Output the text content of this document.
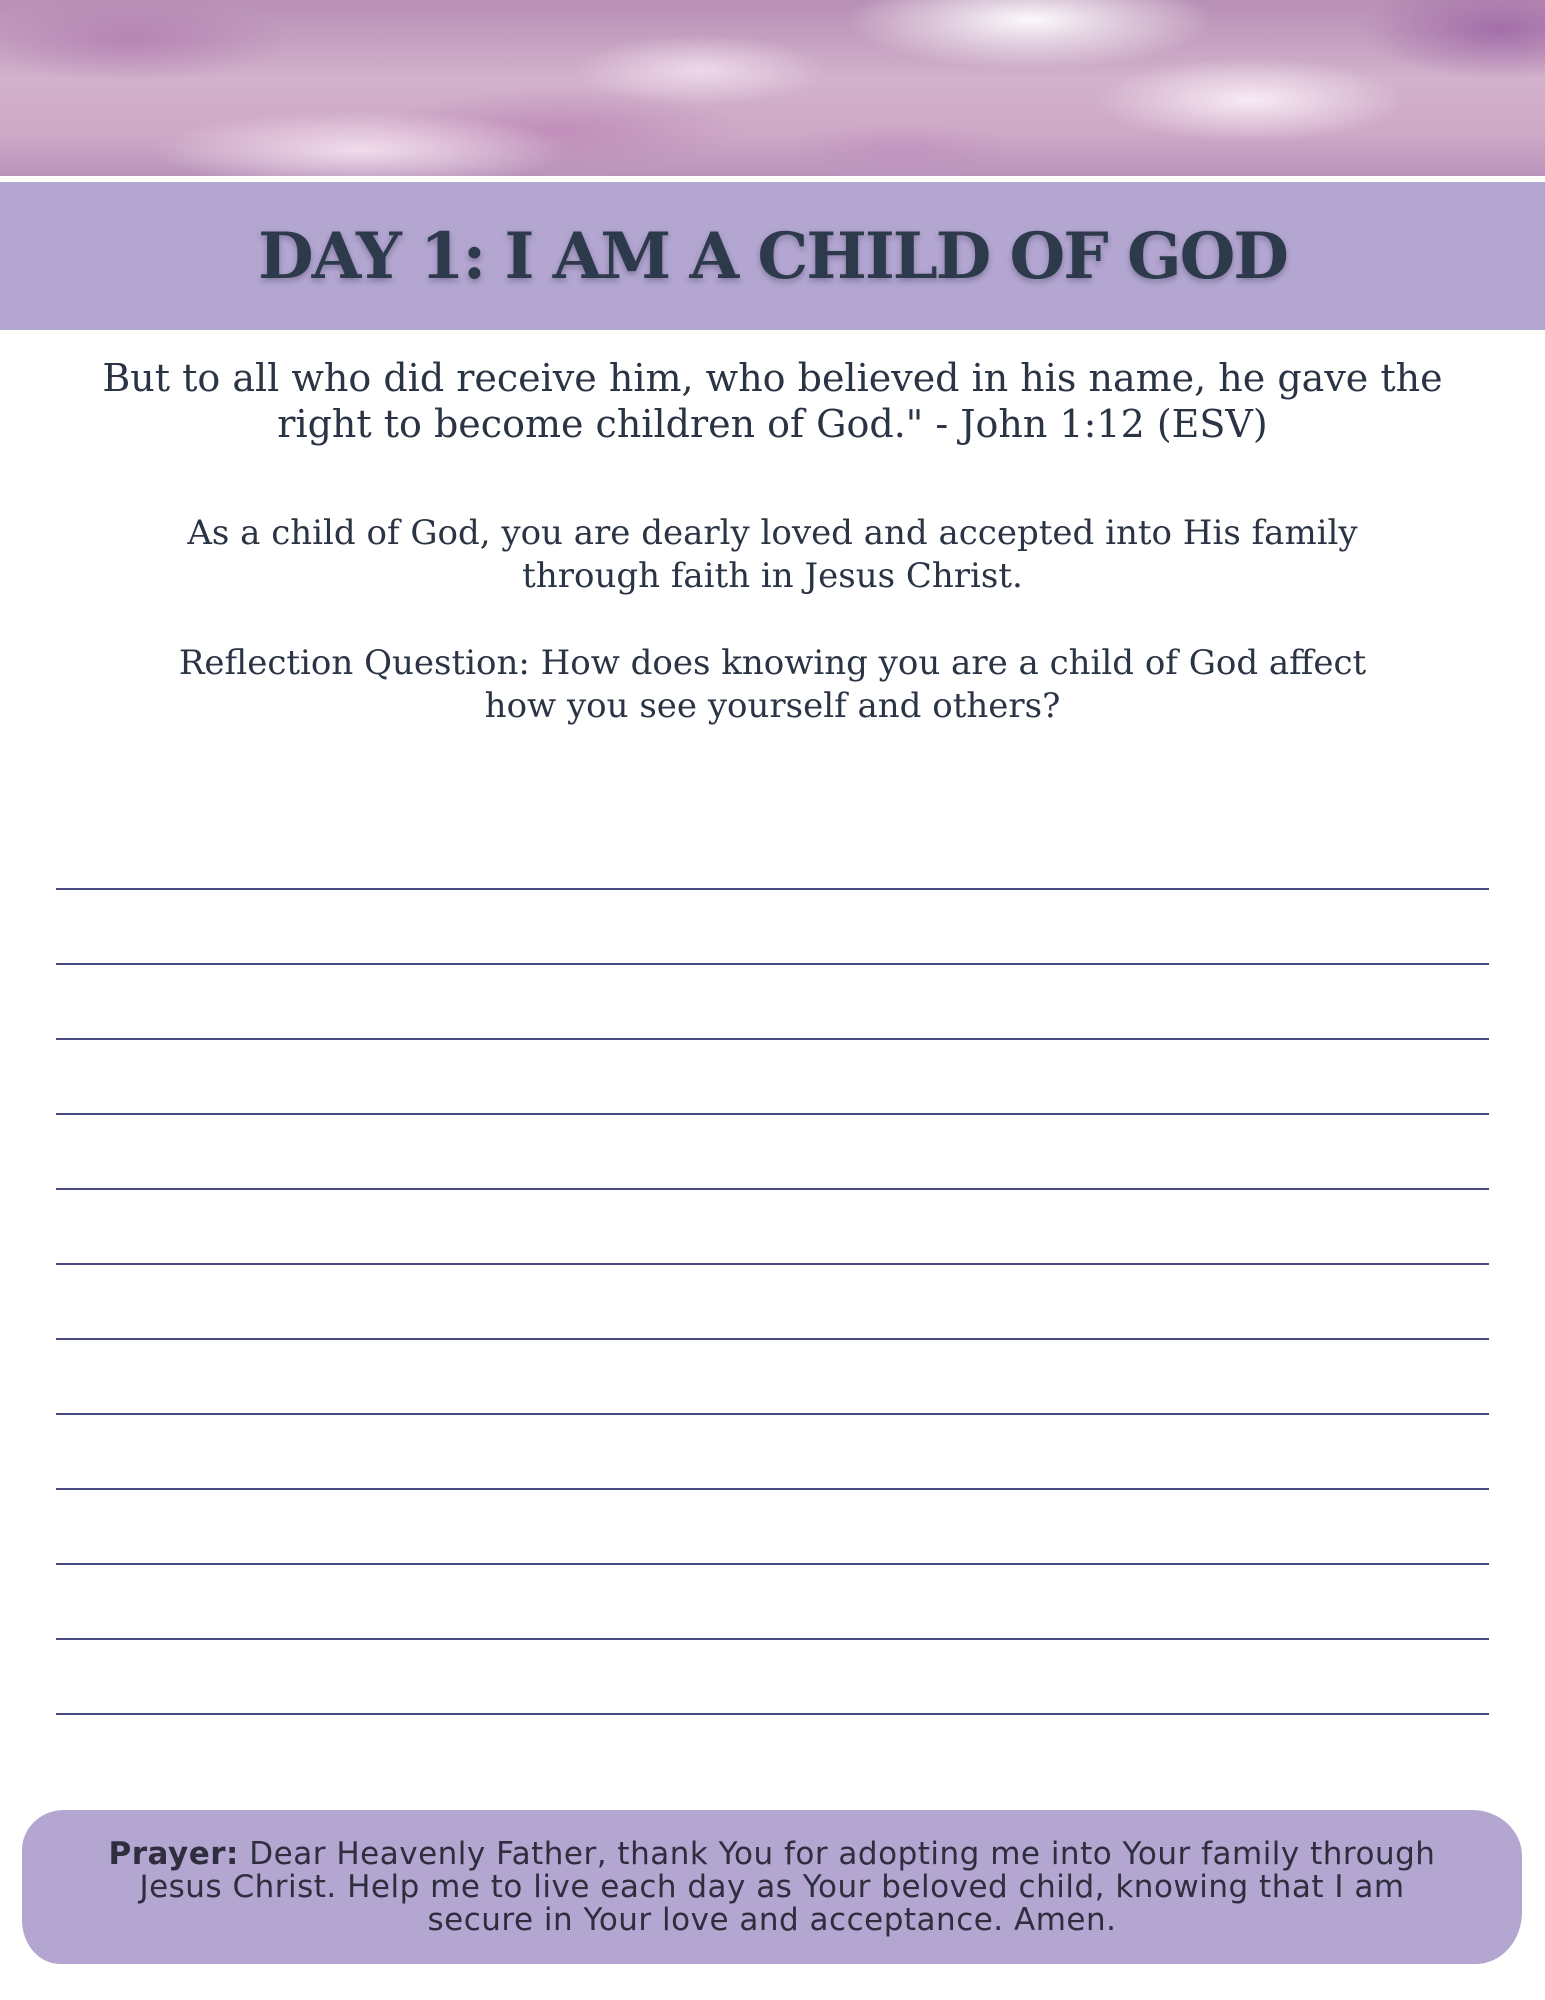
DAY 1: I AM A CHILD OF GOD
But to all who did receive him, who believed in his name, he gave the
right to become children of God." - John 1:12 (ESV)
As a child of God, you are dearly loved and accepted into His family
through faith in Jesus Christ.
Reflection Question: How does knowing you are a child of God affect
how you see yourself and others?
Prayer: Dear Heavenly Father, thank You for adopting me into Your family through
Jesus Christ. Help me to live each day as Your beloved child, knowing that I am
secure in Your love and acceptance. Amen.
